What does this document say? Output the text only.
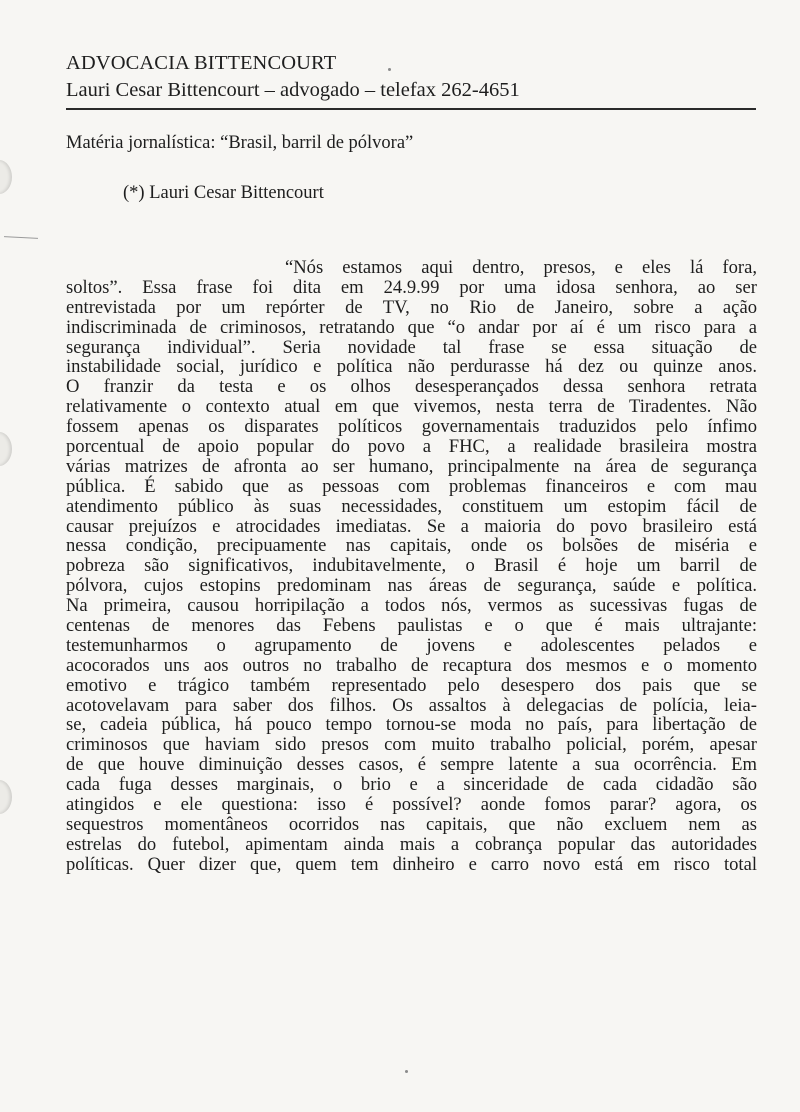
ADVOCACIA BITTENCOURT
Lauri Cesar Bittencourt – advogado – telefax 262-4651
Matéria jornalística: “Brasil, barril de pólvora”
(*) Lauri Cesar Bittencourt
“Nós estamos aqui dentro, presos, e eles lá fora,
soltos”. Essa frase foi dita em 24.9.99 por uma idosa senhora, ao ser
entrevistada por um repórter de TV, no Rio de Janeiro, sobre a ação
indiscriminada de criminosos, retratando que “o andar por aí é um risco para a
segurança individual”. Seria novidade tal frase se essa situação de
instabilidade social, jurídico e política não perdurasse há dez ou quinze anos.
O franzir da testa e os olhos desesperançados dessa senhora retrata
relativamente o contexto atual em que vivemos, nesta terra de Tiradentes. Não
fossem apenas os disparates políticos governamentais traduzidos pelo ínfimo
porcentual de apoio popular do povo a FHC, a realidade brasileira mostra
várias matrizes de afronta ao ser humano, principalmente na área de segurança
pública. É sabido que as pessoas com problemas financeiros e com mau
atendimento público às suas necessidades, constituem um estopim fácil de
causar prejuízos e atrocidades imediatas. Se a maioria do povo brasileiro está
nessa condição, precipuamente nas capitais, onde os bolsões de miséria e
pobreza são significativos, indubitavelmente, o Brasil é hoje um barril de
pólvora, cujos estopins predominam nas áreas de segurança, saúde e política.
Na primeira, causou horripilação a todos nós, vermos as sucessivas fugas de
centenas de menores das Febens paulistas e o que é mais ultrajante:
testemunharmos o agrupamento de jovens e adolescentes pelados e
acocorados uns aos outros no trabalho de recaptura dos mesmos e o momento
emotivo e trágico também representado pelo desespero dos pais que se
acotovelavam para saber dos filhos. Os assaltos à delegacias de polícia, leia-
se, cadeia pública, há pouco tempo tornou-se moda no país, para libertação de
criminosos que haviam sido presos com muito trabalho policial, porém, apesar
de que houve diminuição desses casos, é sempre latente a sua ocorrência. Em
cada fuga desses marginais, o brio e a sinceridade de cada cidadão são
atingidos e ele questiona: isso é possível? aonde fomos parar? agora, os
sequestros momentâneos ocorridos nas capitais, que não excluem nem as
estrelas do futebol, apimentam ainda mais a cobrança popular das autoridades
políticas. Quer dizer que, quem tem dinheiro e carro novo está em risco total
